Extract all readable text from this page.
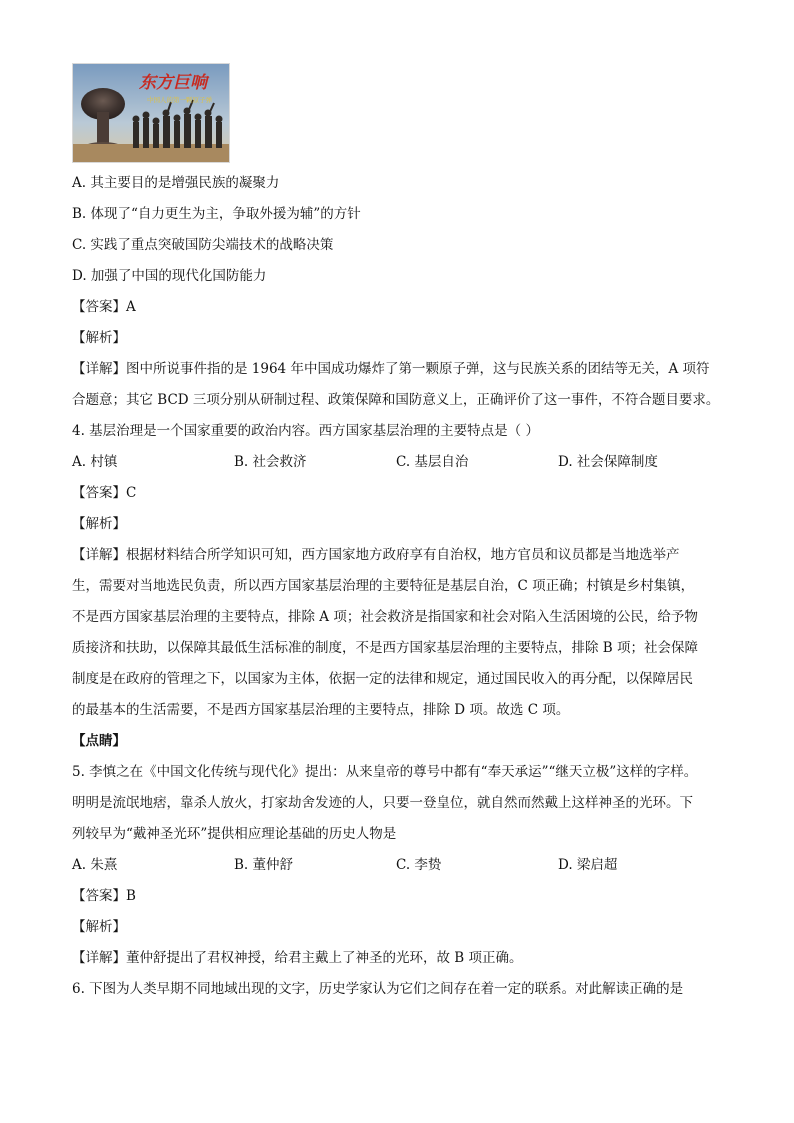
东方巨响
中国人的第一颗原子弹
A. 其主要目的是增强民族的凝聚力
B. 体现了“自力更生为主，争取外援为辅”的方针
C. 实践了重点突破国防尖端技术的战略决策
D. 加强了中国的现代化国防能力
【答案】A
【解析】
【详解】图中所说事件指的是 1964 年中国成功爆炸了第一颗原子弹，这与民族关系的团结等无关，A 项符
合题意；其它 BCD 三项分别从研制过程、政策保障和国防意义上，正确评价了这一事件，不符合题目要求。
4. 基层治理是一个国家重要的政治内容。西方国家基层治理的主要特点是（ ）
A. 村镇	B. 社会救济	C. 基层自治	D. 社会保障制度
【答案】C
【解析】
【详解】根据材料结合所学知识可知，西方国家地方政府享有自治权，地方官员和议员都是当地选举产
生，需要对当地选民负责，所以西方国家基层治理的主要特征是基层自治，C 项正确；村镇是乡村集镇，
不是西方国家基层治理的主要特点，排除 A 项；社会救济是指国家和社会对陷入生活困境的公民，给予物
质接济和扶助，以保障其最低生活标准的制度，不是西方国家基层治理的主要特点，排除 B 项；社会保障
制度是在政府的管理之下，以国家为主体，依据一定的法律和规定，通过国民收入的再分配，以保障居民
的最基本的生活需要，不是西方国家基层治理的主要特点，排除 D 项。故选 C 项。
【点睛】
5. 李慎之在《中国文化传统与现代化》提出：从来皇帝的尊号中都有“奉天承运”“继天立极”这样的字样。
明明是流氓地痞，靠杀人放火，打家劫舍发迹的人，只要一登皇位，就自然而然戴上这样神圣的光环。下
列较早为“戴神圣光环”提供相应理论基础的历史人物是
A. 朱熹	B. 董仲舒	C. 李贽	D. 梁启超
【答案】B
【解析】
【详解】董仲舒提出了君权神授，给君主戴上了神圣的光环，故 B 项正确。
6. 下图为人类早期不同地域出现的文字，历史学家认为它们之间存在着一定的联系。对此解读正确的是
